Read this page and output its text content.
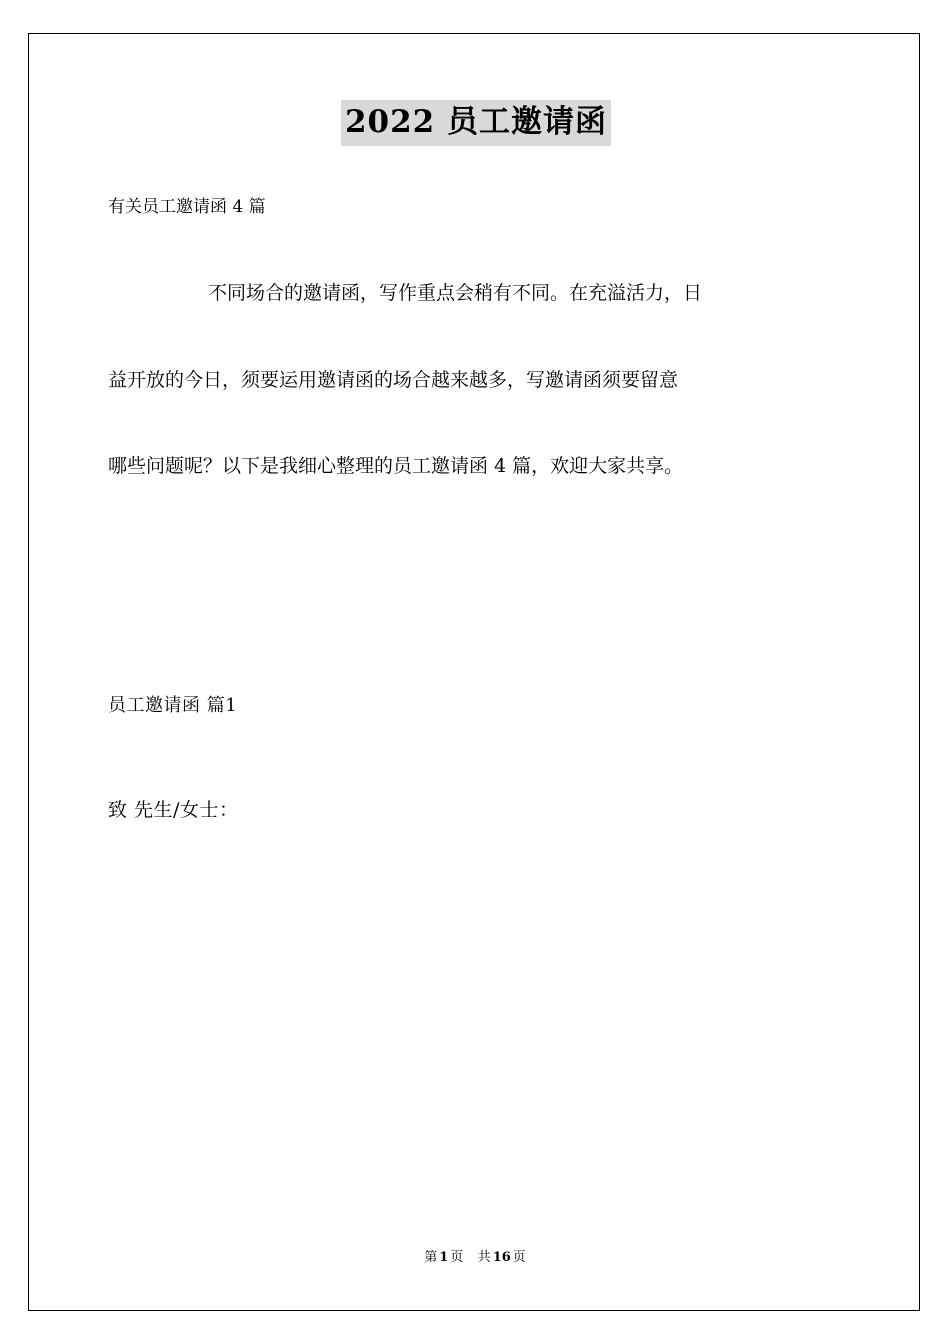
2022 员工邀请函
有关员工邀请函 4 篇

不同场合的邀请函，写作重点会稍有不同。在充溢活力，日

益开放的今日，须要运用邀请函的场合越来越多，写邀请函须要留意

哪些问题呢？以下是我细心整理的员工邀请函 4 篇，欢迎大家共享。

员工邀请函 篇1
致 先生/女士：
第 1 页 共 16 页
